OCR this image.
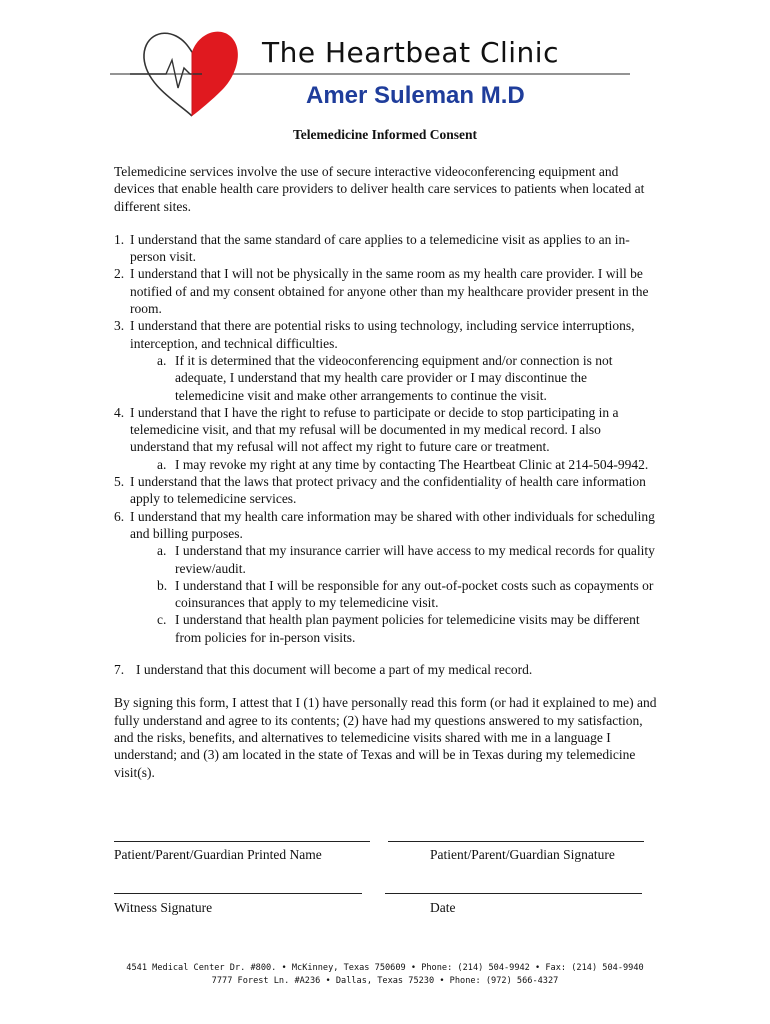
The Heartbeat Clinic
Amer Suleman M.D
Telemedicine Informed Consent

Telemedicine services involve the use of secure interactive videoconferencing equipment and devices that enable health care providers to deliver health care services to patients when located at different sites.

1. I understand that the same standard of care applies to a telemedicine visit as applies to an in-person visit.
2. I understand that I will not be physically in the same room as my health care provider. I will be notified of and my consent obtained for anyone other than my healthcare provider present in the room.
3. I understand that there are potential risks to using technology, including service interruptions, interception, and technical difficulties.
a. If it is determined that the videoconferencing equipment and/or connection is not adequate, I understand that my health care provider or I may discontinue the telemedicine visit and make other arrangements to continue the visit.
4. I understand that I have the right to refuse to participate or decide to stop participating in a telemedicine visit, and that my refusal will be documented in my medical record. I also understand that my refusal will not affect my right to future care or treatment.
a. I may revoke my right at any time by contacting The Heartbeat Clinic at 214-504-9942.
5. I understand that the laws that protect privacy and the confidentiality of health care information apply to telemedicine services.
6. I understand that my health care information may be shared with other individuals for scheduling and billing purposes.
a. I understand that my insurance carrier will have access to my medical records for quality review/audit.
b. I understand that I will be responsible for any out-of-pocket costs such as copayments or coinsurances that apply to my telemedicine visit.
c. I understand that health plan payment policies for telemedicine visits may be different from policies for in-person visits.
7. I understand that this document will become a part of my medical record.

By signing this form, I attest that I (1) have personally read this form (or had it explained to me) and fully understand and agree to its contents; (2) have had my questions answered to my satisfaction, and the risks, benefits, and alternatives to telemedicine visits shared with me in a language I understand; and (3) am located in the state of Texas and will be in Texas during my telemedicine visit(s).

Patient/Parent/Guardian Printed Name	Patient/Parent/Guardian Signature
Witness Signature	Date
4541 Medical Center Dr. #800. • McKinney, Texas 750609 • Phone: (214) 504-9942 • Fax: (214) 504-9940
7777 Forest Ln. #A236 • Dallas, Texas 75230 • Phone: (972) 566-4327
